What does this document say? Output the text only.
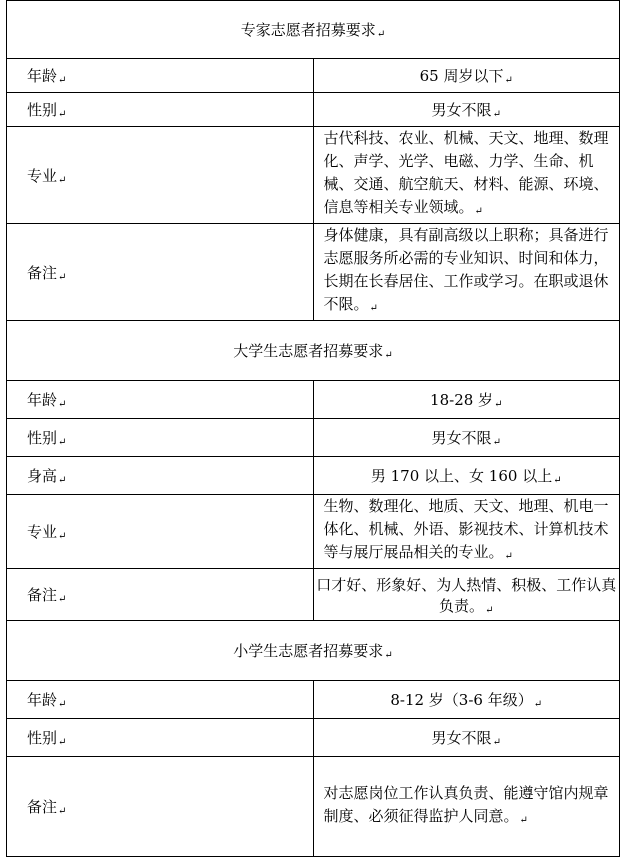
专家志愿者招募要求↵	
年龄↵	65 周岁以下↵
性别↵	男女不限↵
专业↵	古代科技、农业、机械、天文、地理、数理化、声学、光学、电磁、力学、生命、机械、交通、航空航天、材料、能源、环境、信息等相关专业领域。↵
备注↵	身体健康，具有副高级以上职称；具备进行志愿服务所必需的专业知识、时间和体力，长期在长春居住、工作或学习。在职或退休不限。↵
大学生志愿者招募要求↵	
年龄↵	18-28 岁↵
性别↵	男女不限↵
身高↵	男 170 以上、女 160 以上↵
专业↵	生物、数理化、地质、天文、地理、机电一体化、机械、外语、影视技术、计算机技术等与展厅展品相关的专业。↵
备注↵	口才好、形象好、为人热情、积极、工作认真负责。↵
小学生志愿者招募要求↵	
年龄↵	8-12 岁（3-6 年级）↵
性别↵	男女不限↵
备注↵	对志愿岗位工作认真负责、能遵守馆内规章制度、必须征得监护人同意。↵
